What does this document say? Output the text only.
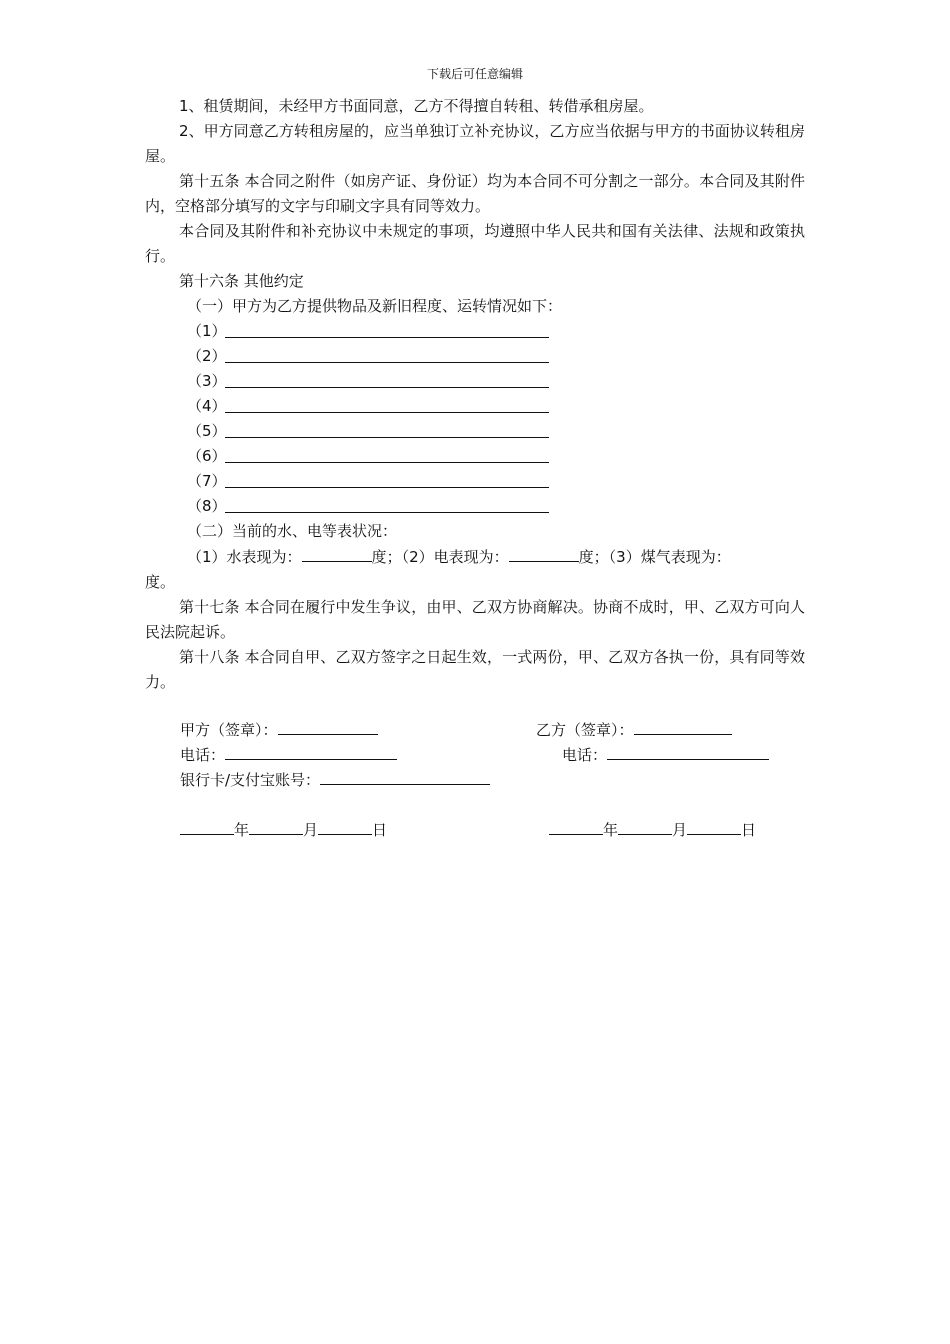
下载后可任意编辑

1、租赁期间，未经甲方书面同意，乙方不得擅自转租、转借承租房屋。

2、甲方同意乙方转租房屋的，应当单独订立补充协议，乙方应当依据与甲方的书面协议转租房屋。

第十五条 本合同之附件（如房产证、身份证）均为本合同不可分割之一部分。本合同及其附件内，空格部分填写的文字与印刷文字具有同等效力。

本合同及其附件和补充协议中未规定的事项，均遵照中华人民共和国有关法律、法规和政策执行。

第十六条 其他约定

（一）甲方为乙方提供物品及新旧程度、运转情况如下：

（1）
（2）
（3）
（4）
（5）
（6）
（7）
（8）

（二）当前的水、电等表状况：

（1）水表现为：	度；（2）电表现为：	度；（3）煤气表现为：

度。

第十七条 本合同在履行中发生争议，由甲、乙双方协商解决。协商不成时，甲、乙双方可向人民法院起诉。

第十八条 本合同自甲、乙双方签字之日起生效，一式两份，甲、乙双方各执一份，具有同等效力。

甲方（签章）：	乙方（签章）：
电话：	电话：
银行卡/支付宝账号：
年	月	日	年	月	日
